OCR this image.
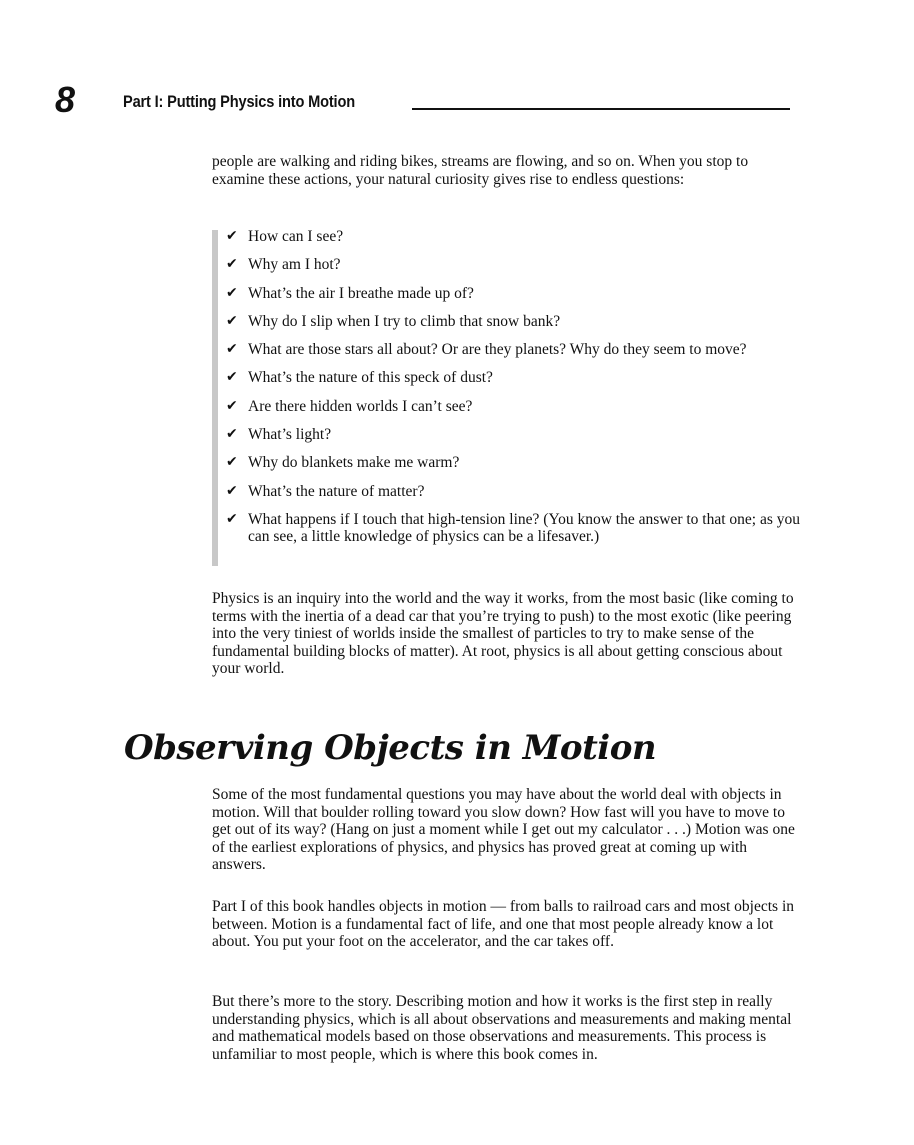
8	Part I: Putting Physics into Motion

people are walking and riding bikes, streams are flowing, and so on. When you stop to examine these actions, your natural curiosity gives rise to endless questions:

✔ How can I see?
✔ Why am I hot?
✔ What’s the air I breathe made up of?
✔ Why do I slip when I try to climb that snow bank?
✔ What are those stars all about? Or are they planets? Why do they seem to move?
✔ What’s the nature of this speck of dust?
✔ Are there hidden worlds I can’t see?
✔ What’s light?
✔ Why do blankets make me warm?
✔ What’s the nature of matter?
✔ What happens if I touch that high-tension line? (You know the answer to that one; as you can see, a little knowledge of physics can be a lifesaver.)

Physics is an inquiry into the world and the way it works, from the most basic (like coming to terms with the inertia of a dead car that you’re trying to push) to the most exotic (like peering into the very tiniest of worlds inside the smallest of particles to try to make sense of the fundamental building blocks of matter). At root, physics is all about getting conscious about your world.

Observing Objects in Motion

Some of the most fundamental questions you may have about the world deal with objects in motion. Will that boulder rolling toward you slow down? How fast will you have to move to get out of its way? (Hang on just a moment while I get out my calculator . . .) Motion was one of the earliest explorations of physics, and physics has proved great at coming up with answers.

Part I of this book handles objects in motion — from balls to railroad cars and most objects in between. Motion is a fundamental fact of life, and one that most people already know a lot about. You put your foot on the accelerator, and the car takes off.

But there’s more to the story. Describing motion and how it works is the first step in really understanding physics, which is all about observations and measurements and making mental and mathematical models based on those observations and measurements. This process is unfamiliar to most people, which is where this book comes in.
